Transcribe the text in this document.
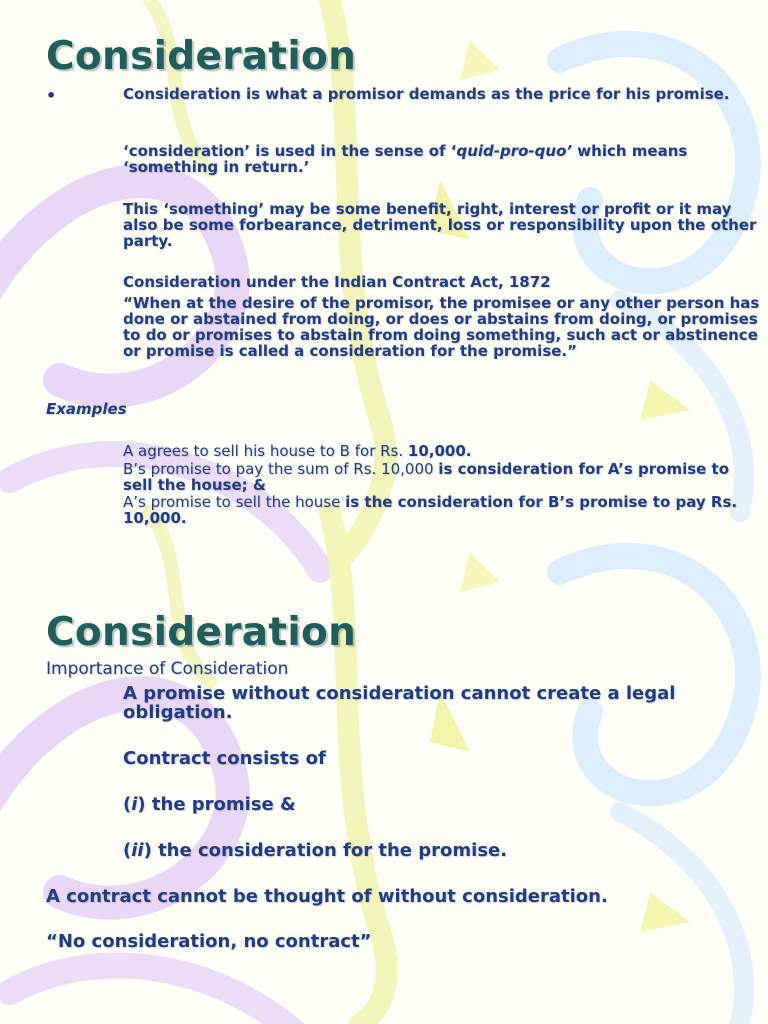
Consideration
•	Consideration is what a promisor demands as the price for his promise.
‘consideration’ is used in the sense of ‘quid-pro-quo’ which means ‘something in return.’
This ‘something’ may be some benefit, right, interest or profit or it may also be some forbearance, detriment, loss or responsibility upon the other party.
Consideration under the Indian Contract Act, 1872
“When at the desire of the promisor, the promisee or any other person has done or abstained from doing, or does or abstains from doing, or promises to do or promises to abstain from doing something, such act or abstinence or promise is called a consideration for the promise.”
Examples
A agrees to sell his house to B for Rs. 10,000.
B’s promise to pay the sum of Rs. 10,000 is consideration for A’s promise to sell the house; &
A’s promise to sell the house is the consideration for B’s promise to pay Rs. 10,000.
Consideration
Importance of Consideration
A promise without consideration cannot create a legal obligation.
Contract consists of
(i) the promise &
(ii) the consideration for the promise.
A contract cannot be thought of without consideration.
“No consideration, no contract”
